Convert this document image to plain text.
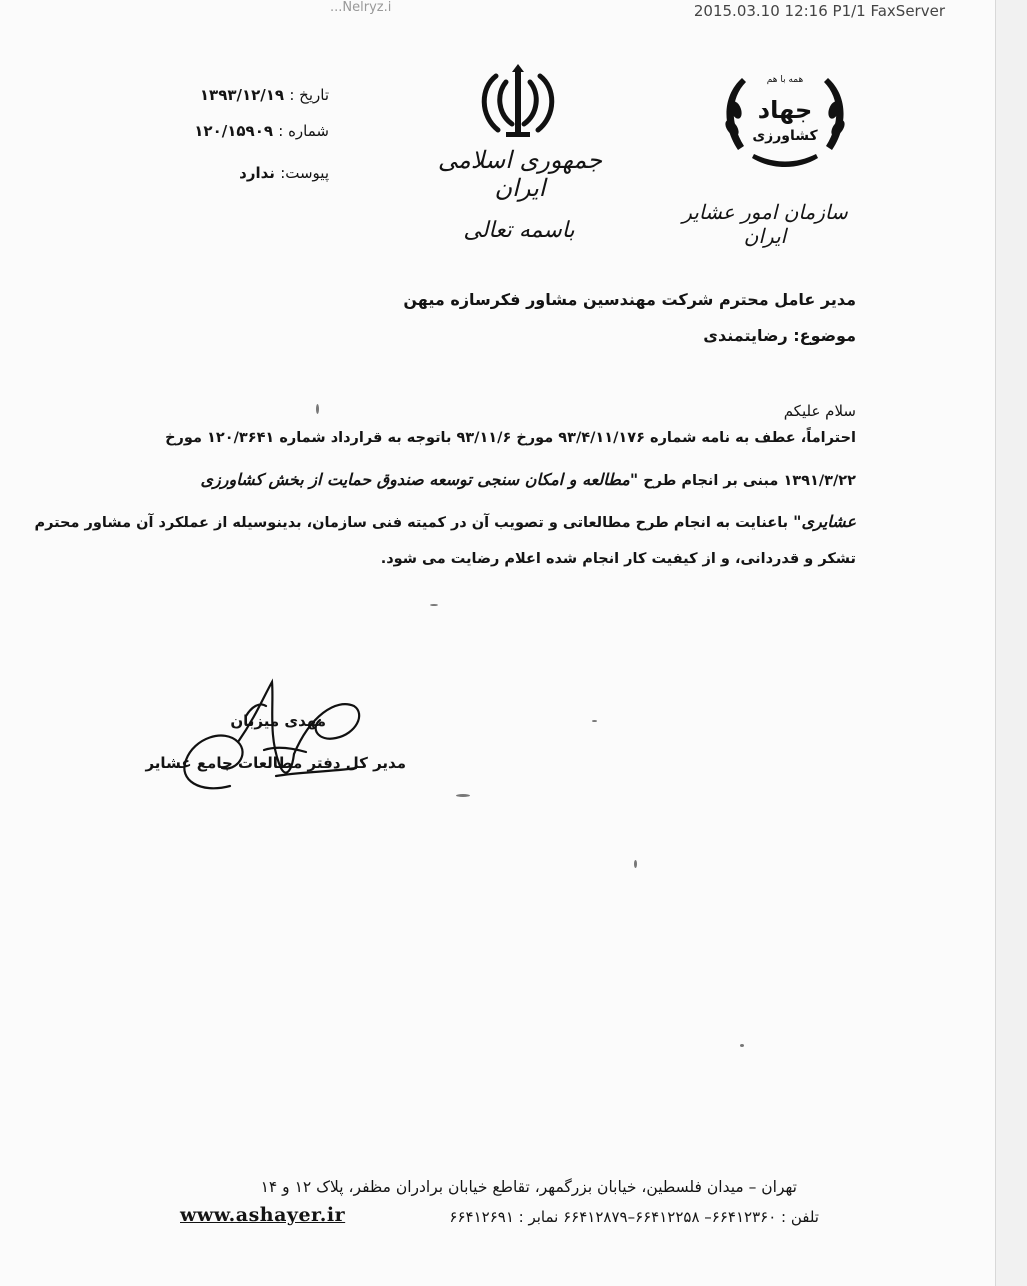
2015.03.10 12:16 P1/1 FaxServer
...Nelryz.i
تاریخ : ۱۳۹۳/۱۲/۱۹
شماره : ۱۲۰/۱۵۹۰۹
پیوست: ندارد	جمهوری اسلامی ایران
باسمه تعالی
همه با هم
جهاد
کشاورزی
سازمان امور عشایر ایران
مدیر عامل محترم شرکت مهندسین مشاور فکرسازه میهن
موضوع: رضایتمندی
سلام علیکم
احتراماً، عطف به نامه شماره ۹۳/۴/۱۱/۱۷۶ مورخ ۹۳/۱۱/۶ باتوجه به قرارداد شماره ۱۲۰/۳۶۴۱ مورخ
۱۳۹۱/۳/۲۲ مبنی بر انجام طرح "مطالعه و امکان سنجی توسعه صندوق حمایت از بخش کشاورزی
عشایری" باعنایت به انجام طرح مطالعاتی و تصویب آن در کمیته فنی سازمان، بدینوسیله از عملکرد آن مشاور محترم
تشکر و قدردانی، و از کیفیت کار انجام شده اعلام رضایت می شود.
مهدی میزبان
مدیر کل دفتر مطالعات جامع عشایر
تهران – میدان فلسطین، خیابان بزرگمهر، تقاطع خیابان برادران مظفر، پلاک ۱۲ و ۱۴
تلفن : ۶۶۴۱۲۳۶۰– ۶۶۴۱۲۲۵۸–۶۶۴۱۲۸۷۹ نمابر : ۶۶۴۱۲۶۹۱
www.ashayer.ir
